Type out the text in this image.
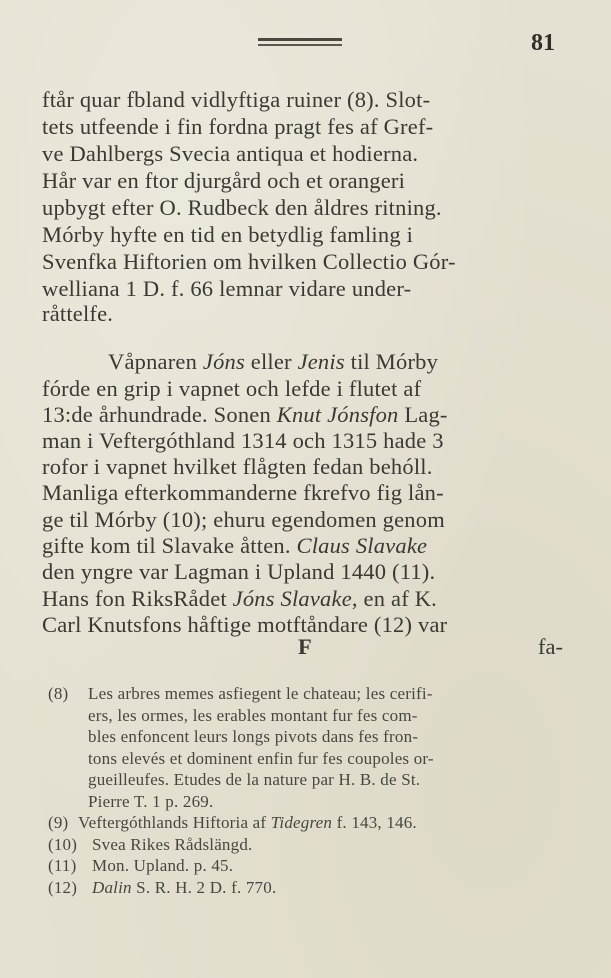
81
ftår quar fbland vidlyftiga ruiner (8). Slot-
tets utfeende i fin fordna pragt fes af Gref-
ve Dahlbergs Svecia antiqua et hodierna.
Hår var en ftor djurgård och et orangeri
upbygt efter O. Rudbeck den åldres ritning.
Mórby hyfte en tid en betydlig famling i
Svenfka Hiftorien om hvilken Collectio Gór-
welliana 1 D. f. 66 lemnar vidare under-
råttelfe.
Våpnaren Jóns eller Jenis til Mórby
fórde en grip i vapnet och lefde i flutet af
13:de århundrade. Sonen Knut Jónsfon Lag-
man i Veftergóthland 1314 och 1315 hade 3
rofor i vapnet hvilket flågten fedan behóll.
Manliga efterkommanderne fkrefvo fig lån-
ge til Mórby (10); ehuru egendomen genom
gifte kom til Slavake åtten. Claus Slavake
den yngre var Lagman i Upland 1440 (11).
Hans fon RiksRådet Jóns Slavake, en af K.
Carl Knutsfons håftige motftåndare (12) var
F	fa-
(8) Les arbres memes asfiegent le chateau; les cerifi-
ers, les ormes, les erables montant fur fes com-
bles enfoncent leurs longs pivots dans fes fron-
tons elevés et dominent enfin fur fes coupoles or-
gueilleufes. Etudes de la nature par H. B. de St.
Pierre T. 1 p. 269.
(9) Veftergóthlands Hiftoria af Tidegren f. 143, 146.
(10) Svea Rikes Rådslängd.
(11) Mon. Upland. p. 45.
(12) Dalin S. R. H. 2 D. f. 770.
